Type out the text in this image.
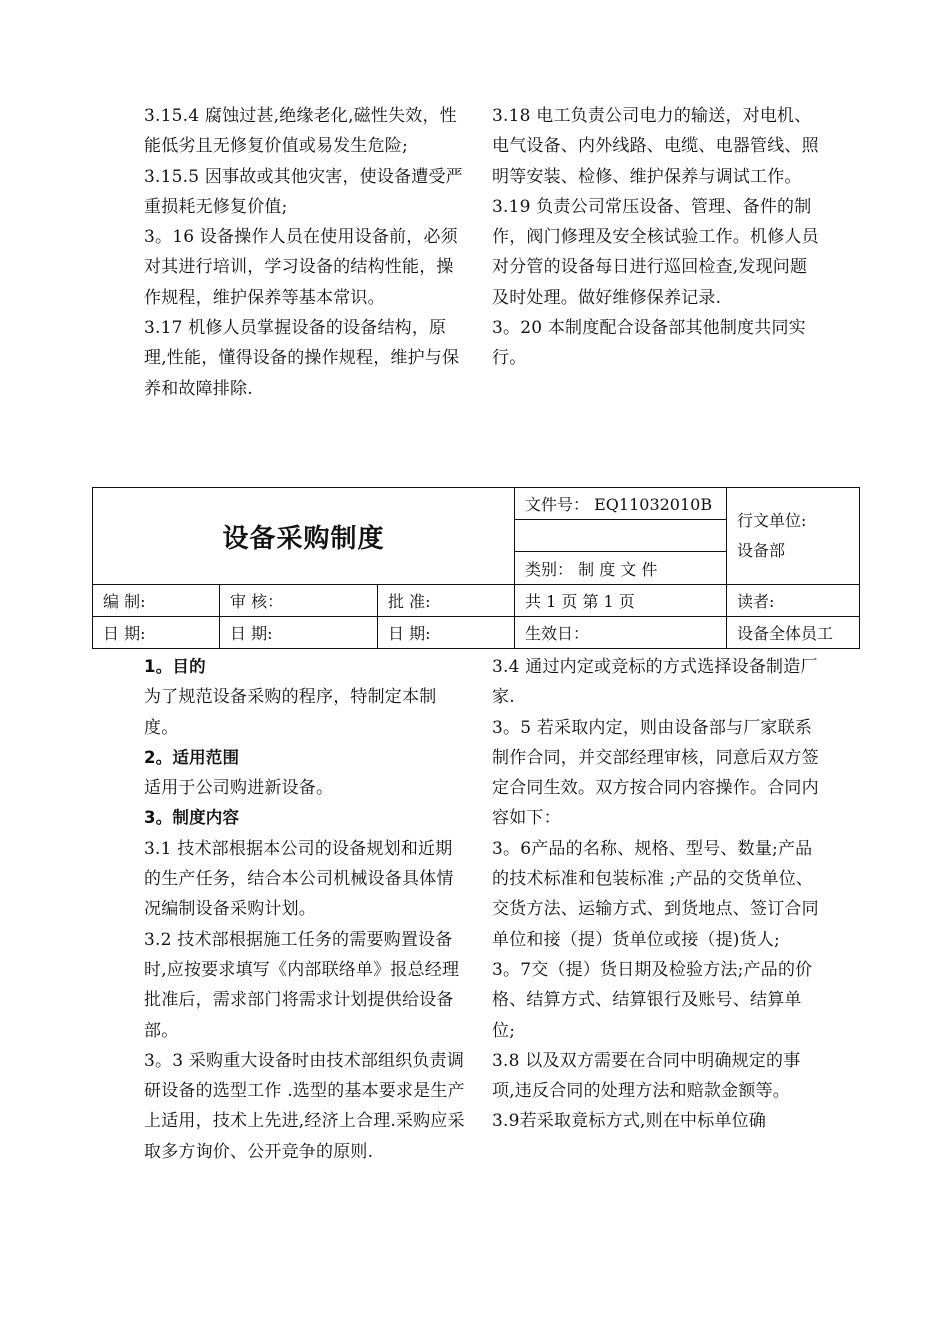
3.15.4 腐蚀过甚,绝缘老化,磁性失效，性能低劣且无修复价值或易发生危险;

3.15.5 因事故或其他灾害，使设备遭受严重损耗无修复价值;

3。16 设备操作人员在使用设备前，必须对其进行培训，学习设备的结构性能，操作规程，维护保养等基本常识。

3.17 机修人员掌握设备的设备结构，原理,性能，懂得设备的操作规程，维护与保养和故障排除.

3.18 电工负责公司电力的输送，对电机、电气设备、内外线路、电缆、电器管线、照明等安装、检修、维护保养与调试工作。

3.19 负责公司常压设备、管理、备件的制作，阀门修理及安全核试验工作。机修人员对分管的设备每日进行巡回检查,发现问题及时处理。做好维修保养记录.

3。20 本制度配合设备部其他制度共同实行。

设备采购制度			文件号： EQ11032010B	行文单位:
设备部

			类别： 制 度 文 件	
编 制:	审 核：	批 准:	共 1 页 第 1 页	读者:
日 期:	日 期:	日 期:	生效日：	设备全体员工

1。目的

为了规范设备采购的程序，特制定本制度。

2。适用范围

适用于公司购进新设备。

3。制度内容

3.1 技术部根据本公司的设备规划和近期的生产任务，结合本公司机械设备具体情况编制设备采购计划。

3.2 技术部根据施工任务的需要购置设备时,应按要求填写《内部联络单》报总经理批准后，需求部门将需求计划提供给设备部。

3。3 采购重大设备时由技术部组织负责调研设备的选型工作 .选型的基本要求是生产上适用，技术上先进,经济上合理.采购应采取多方询价、公开竞争的原则.

3.4 通过内定或竞标的方式选择设备制造厂家.

3。5 若采取内定，则由设备部与厂家联系制作合同，并交部经理审核，同意后双方签定合同生效。双方按合同内容操作。合同内容如下：

3。6产品的名称、规格、型号、数量;产品的技术标准和包装标准 ;产品的交货单位、交货方法、运输方式、到货地点、签订合同单位和接（提）货单位或接（提)货人;

3。7交（提）货日期及检验方法;产品的价格、结算方式、结算银行及账号、结算单位;

3.8 以及双方需要在合同中明确规定的事项,违反合同的处理方法和赔款金额等。

3.9若采取竟标方式,则在中标单位确
